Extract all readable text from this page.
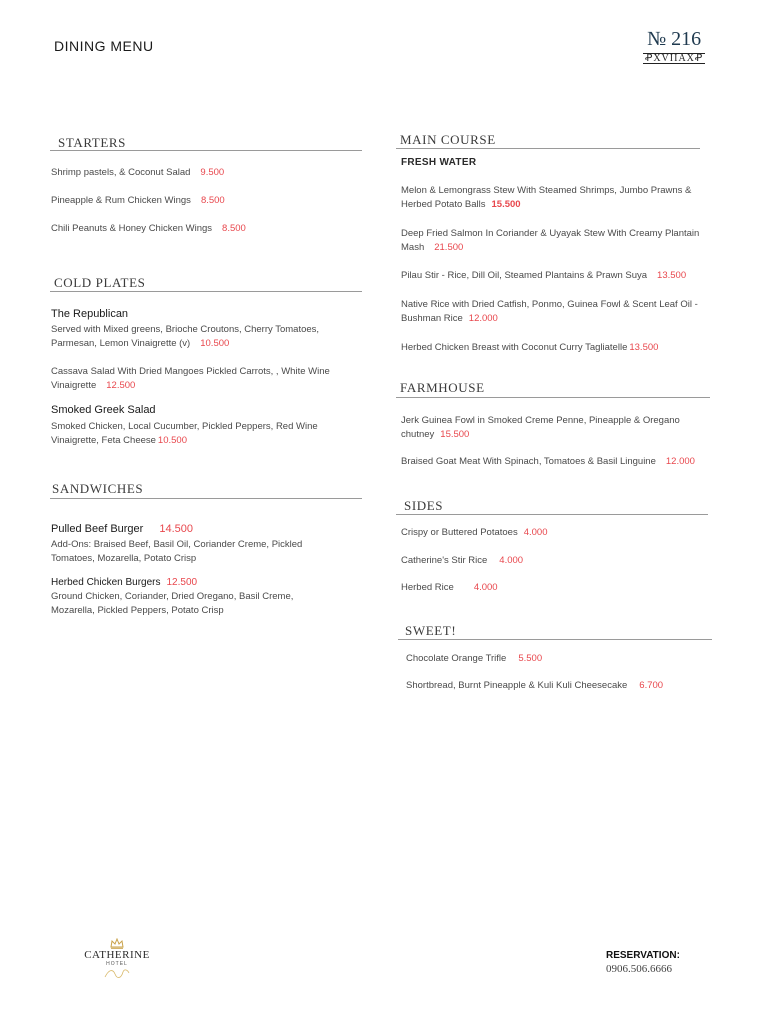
DINING MENU	№ 216
ꝒXVIIAXꝒ
STARTERS
Shrimp pastels, & Coconut Salad 9.500
Pineapple & Rum Chicken Wings 8.500
Chili Peanuts & Honey Chicken Wings 8.500
COLD PLATES
The Republican
Served with Mixed greens, Brioche Croutons, Cherry Tomatoes,
Parmesan, Lemon Vinaigrette (v) 10.500
Cassava Salad With Dried Mangoes Pickled Carrots, , White Wine
Vinaigrette 12.500
Smoked Greek Salad
Smoked Chicken, Local Cucumber, Pickled Peppers, Red Wine
Vinaigrette, Feta Cheese 10.500
SANDWICHES
Pulled Beef Burger 14.500
Add-Ons: Braised Beef, Basil Oil, Coriander Creme, Pickled
Tomatoes, Mozarella, Potato Crisp
Herbed Chicken Burgers 12.500
Ground Chicken, Coriander, Dried Oregano, Basil Creme,
Mozarella, Pickled Peppers, Potato Crisp
MAIN COURSE
FRESH WATER
Melon & Lemongrass Stew With Steamed Shrimps, Jumbo Prawns &
Herbed Potato Balls 15.500
Deep Fried Salmon In Coriander & Uyayak Stew With Creamy Plantain
Mash 21.500
Pilau Stir - Rice, Dill Oil, Steamed Plantains & Prawn Suya 13.500
Native Rice with Dried Catfish, Ponmo, Guinea Fowl & Scent Leaf Oil -
Bushman Rice 12.000
Herbed Chicken Breast with Coconut Curry Tagliatelle 13.500
FARMHOUSE
Jerk Guinea Fowl in Smoked Creme Penne, Pineapple & Oregano
chutney 15.500
Braised Goat Meat With Spinach, Tomatoes & Basil Linguine 12.000
SIDES
Crispy or Buttered Potatoes 4.000
Catherine's Stir Rice 4.000
Herbed Rice 4.000
SWEET!
Chocolate Orange Trifle 5.500
Shortbread, Burnt Pineapple & Kuli Kuli Cheesecake 6.700
CATHERINE
HOTEL
RESERVATION:
0906.506.6666
